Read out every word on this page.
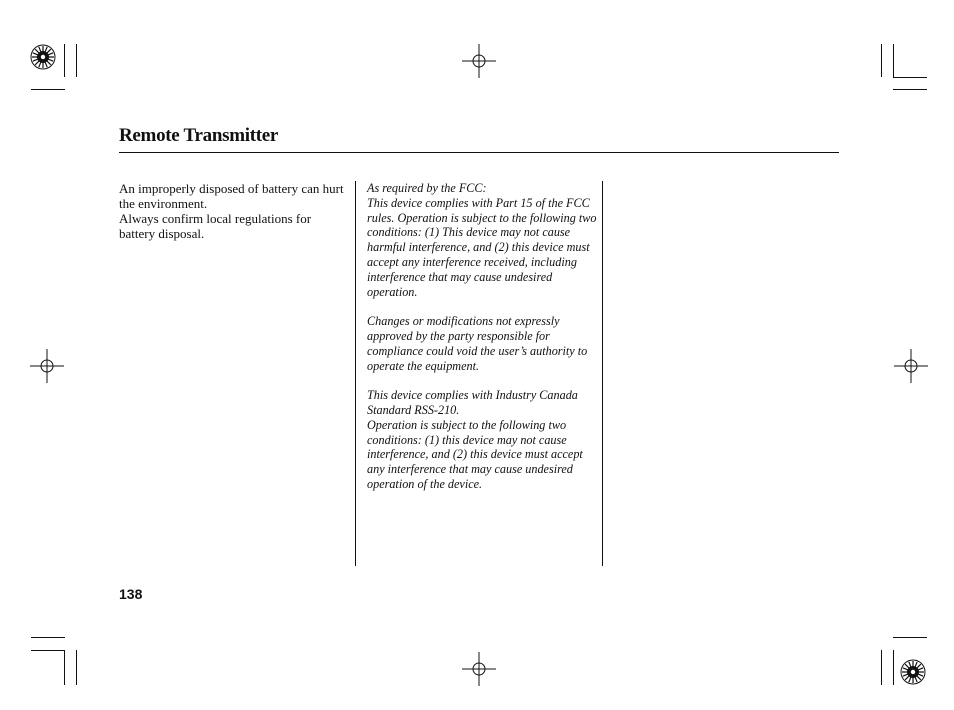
Remote Transmitter

An improperly disposed of battery can hurt the environment.

Always confirm local regulations for battery disposal.

As required by the FCC:

This device complies with Part 15 of the FCC rules. Operation is subject to the following two conditions: (1) This device may not cause harmful interference, and (2) this device must accept any interference received, including interference that may cause undesired operation.

Changes or modifications not expressly approved by the party responsible for compliance could void the user’s authority to operate the equipment.

This device complies with Industry Canada Standard RSS-210.

Operation is subject to the following two conditions: (1) this device may not cause interference, and (2) this device must accept any interference that may cause undesired operation of the device.

138
